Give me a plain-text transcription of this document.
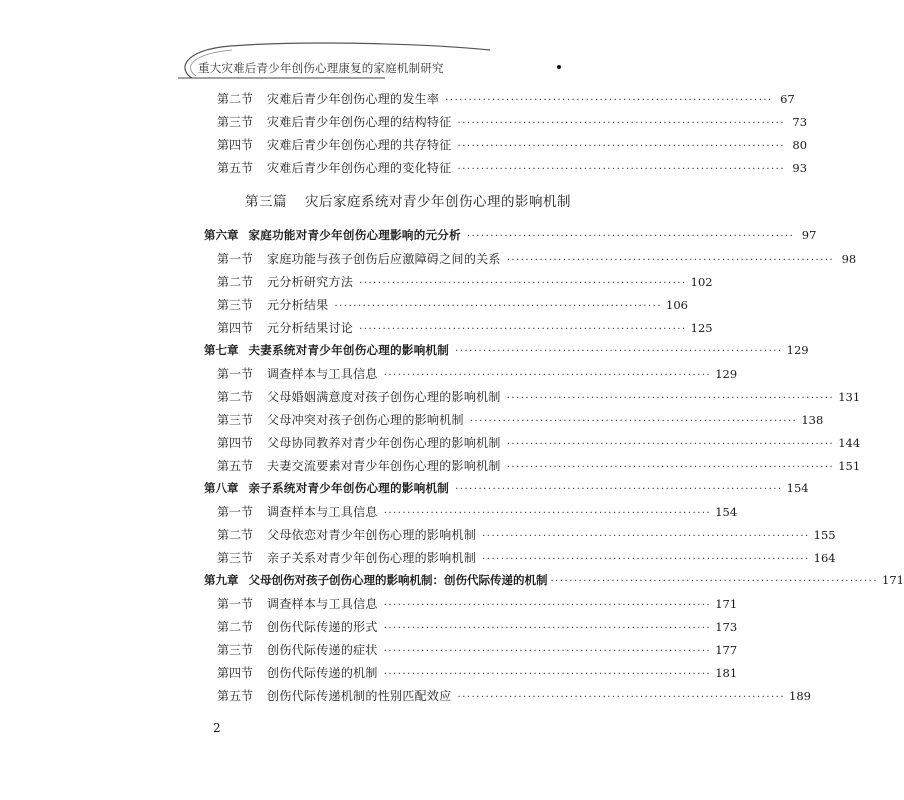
重大灾难后青少年创伤心理康复的家庭机制研究
第二节 灾难后青少年创伤心理的发生率 ······································································ 67
第三节 灾难后青少年创伤心理的结构特征 ······································································ 73
第四节 灾难后青少年创伤心理的共存特征 ······································································ 80
第五节 灾难后青少年创伤心理的变化特征 ······································································ 93
第三篇 灾后家庭系统对青少年创伤心理的影响机制
第六章 家庭功能对青少年创伤心理影响的元分析 ······································································ 97
第一节 家庭功能与孩子创伤后应激障碍之间的关系 ······································································ 98
第二节 元分析研究方法 ······································································ 102
第三节 元分析结果 ······································································ 106
第四节 元分析结果讨论 ······································································ 125
第七章 夫妻系统对青少年创伤心理的影响机制 ······································································ 129
第一节 调查样本与工具信息 ······································································ 129
第二节 父母婚姻满意度对孩子创伤心理的影响机制 ······································································ 131
第三节 父母冲突对孩子创伤心理的影响机制 ······································································ 138
第四节 父母协同教养对青少年创伤心理的影响机制 ······································································ 144
第五节 夫妻交流要素对青少年创伤心理的影响机制 ······································································ 151
第八章 亲子系统对青少年创伤心理的影响机制 ······································································ 154
第一节 调查样本与工具信息 ······································································ 154
第二节 父母依恋对青少年创伤心理的影响机制 ······································································ 155
第三节 亲子关系对青少年创伤心理的影响机制 ······································································ 164
第九章 父母创伤对孩子创伤心理的影响机制：创伤代际传递的机制 ······································································ 171
第一节 调查样本与工具信息 ······································································ 171
第二节 创伤代际传递的形式 ······································································ 173
第三节 创伤代际传递的症状 ······································································ 177
第四节 创伤代际传递的机制 ······································································ 181
第五节 创伤代际传递机制的性别匹配效应 ······································································ 189
2
